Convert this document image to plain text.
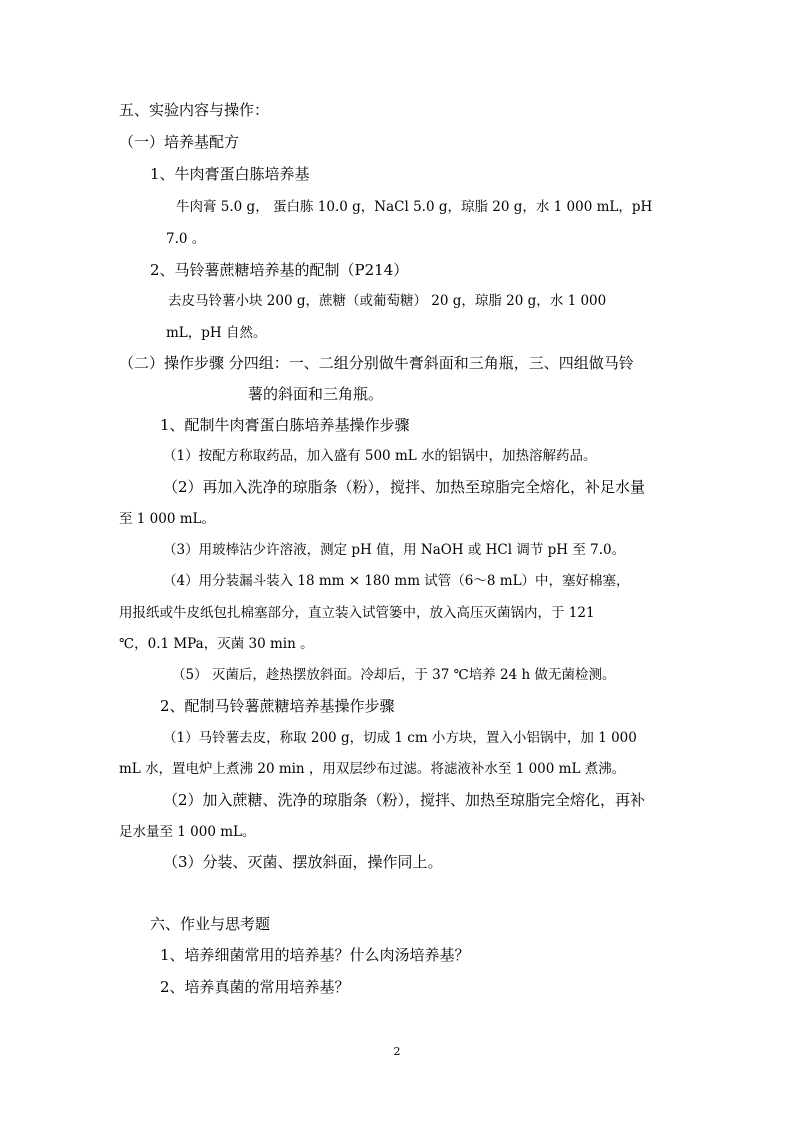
五、实验内容与操作：
（一）培养基配方
1、牛肉膏蛋白胨培养基
牛肉膏 5.0 g， 蛋白胨 10.0 g，NaCl 5.0 g，琼脂 20 g，水 1 000 mL，pH
7.0 。
2、马铃薯蔗糖培养基的配制（P214）
去皮马铃薯小块 200 g，蔗糖（或葡萄糖） 20 g，琼脂 20 g，水 1 000
mL，pH 自然。
（二）操作步骤 分四组：一、二组分别做牛膏斜面和三角瓶，三、四组做马铃
薯的斜面和三角瓶。
1、配制牛肉膏蛋白胨培养基操作步骤
（1）按配方称取药品，加入盛有 500 mL 水的铝锅中，加热溶解药品。
（2）再加入洗净的琼脂条（粉），搅拌、加热至琼脂完全熔化，补足水量
至 1 000 mL。
（3）用玻棒沾少许溶液，测定 pH 值，用 NaOH 或 HCl 调节 pH 至 7.0。
（4）用分装漏斗装入 18 mm × 180 mm 试管（6～8 mL）中，塞好棉塞，
用报纸或牛皮纸包扎棉塞部分，直立装入试管篓中，放入高压灭菌锅内，于 121
℃，0.1 MPa，灭菌 30 min 。
（5） 灭菌后，趁热摆放斜面。冷却后，于 37 ℃培养 24 h 做无菌检测。
2、配制马铃薯蔗糖培养基操作步骤
（1）马铃薯去皮，称取 200 g，切成 1 cm 小方块，置入小铝锅中，加 1 000
mL 水，置电炉上煮沸 20 min ，用双层纱布过滤。将滤液补水至 1 000 mL 煮沸。
（2）加入蔗糖、洗净的琼脂条（粉），搅拌、加热至琼脂完全熔化，再补
足水量至 1 000 mL。
（3）分装、灭菌、摆放斜面，操作同上。
六、作业与思考题
1、培养细菌常用的培养基？什么肉汤培养基？
2、培养真菌的常用培养基？
2
